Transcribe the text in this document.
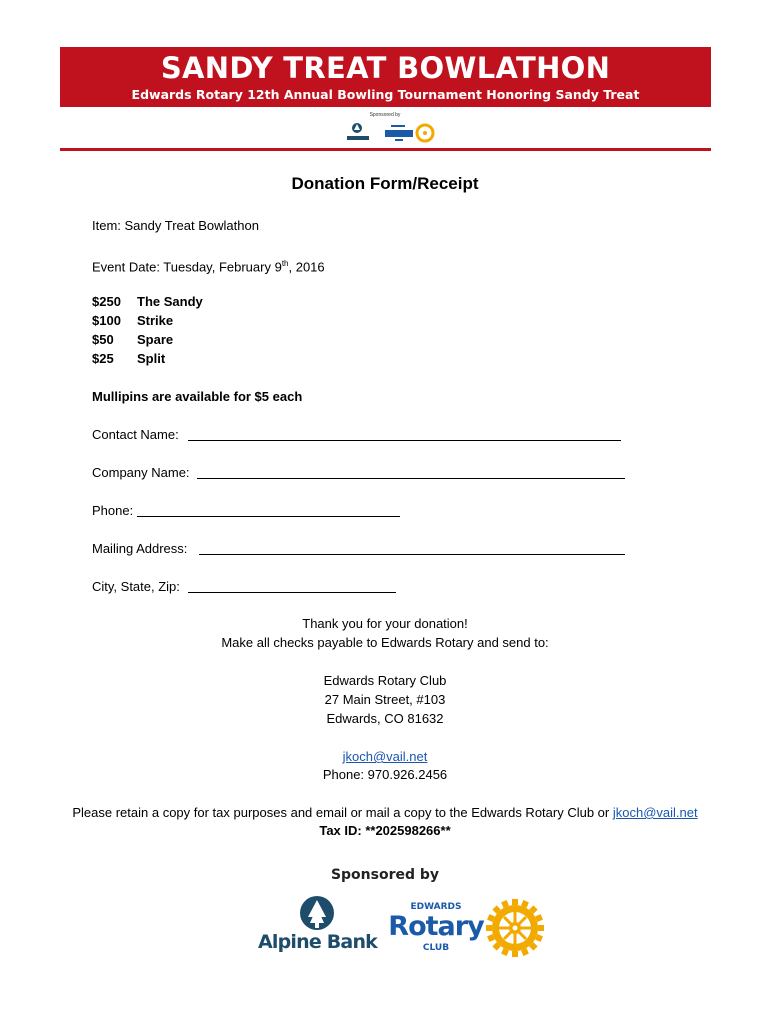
SANDY TREAT BOWLATHON
Edwards Rotary 12th Annual Bowling Tournament Honoring Sandy Treat
Sponsored by
Donation Form/Receipt
Item: Sandy Treat Bowlathon
Event Date: Tuesday, February 9th, 2016
$250 The Sandy
$100 Strike
$50 Spare
$25 Split
Mullipins are available for $5 each
Contact Name:
Company Name:
Phone:
Mailing Address:
City, State, Zip:
Thank you for your donation!
Make all checks payable to Edwards Rotary and send to:
Edwards Rotary Club
27 Main Street, #103
Edwards, CO 81632
jkoch@vail.net
Phone: 970.926.2456
Please retain a copy for tax purposes and email or mail a copy to the Edwards Rotary Club or jkoch@vail.net
Tax ID: **202598266**
Sponsored by
Alpine Bank
EDWARDS
Rotary
CLUB
